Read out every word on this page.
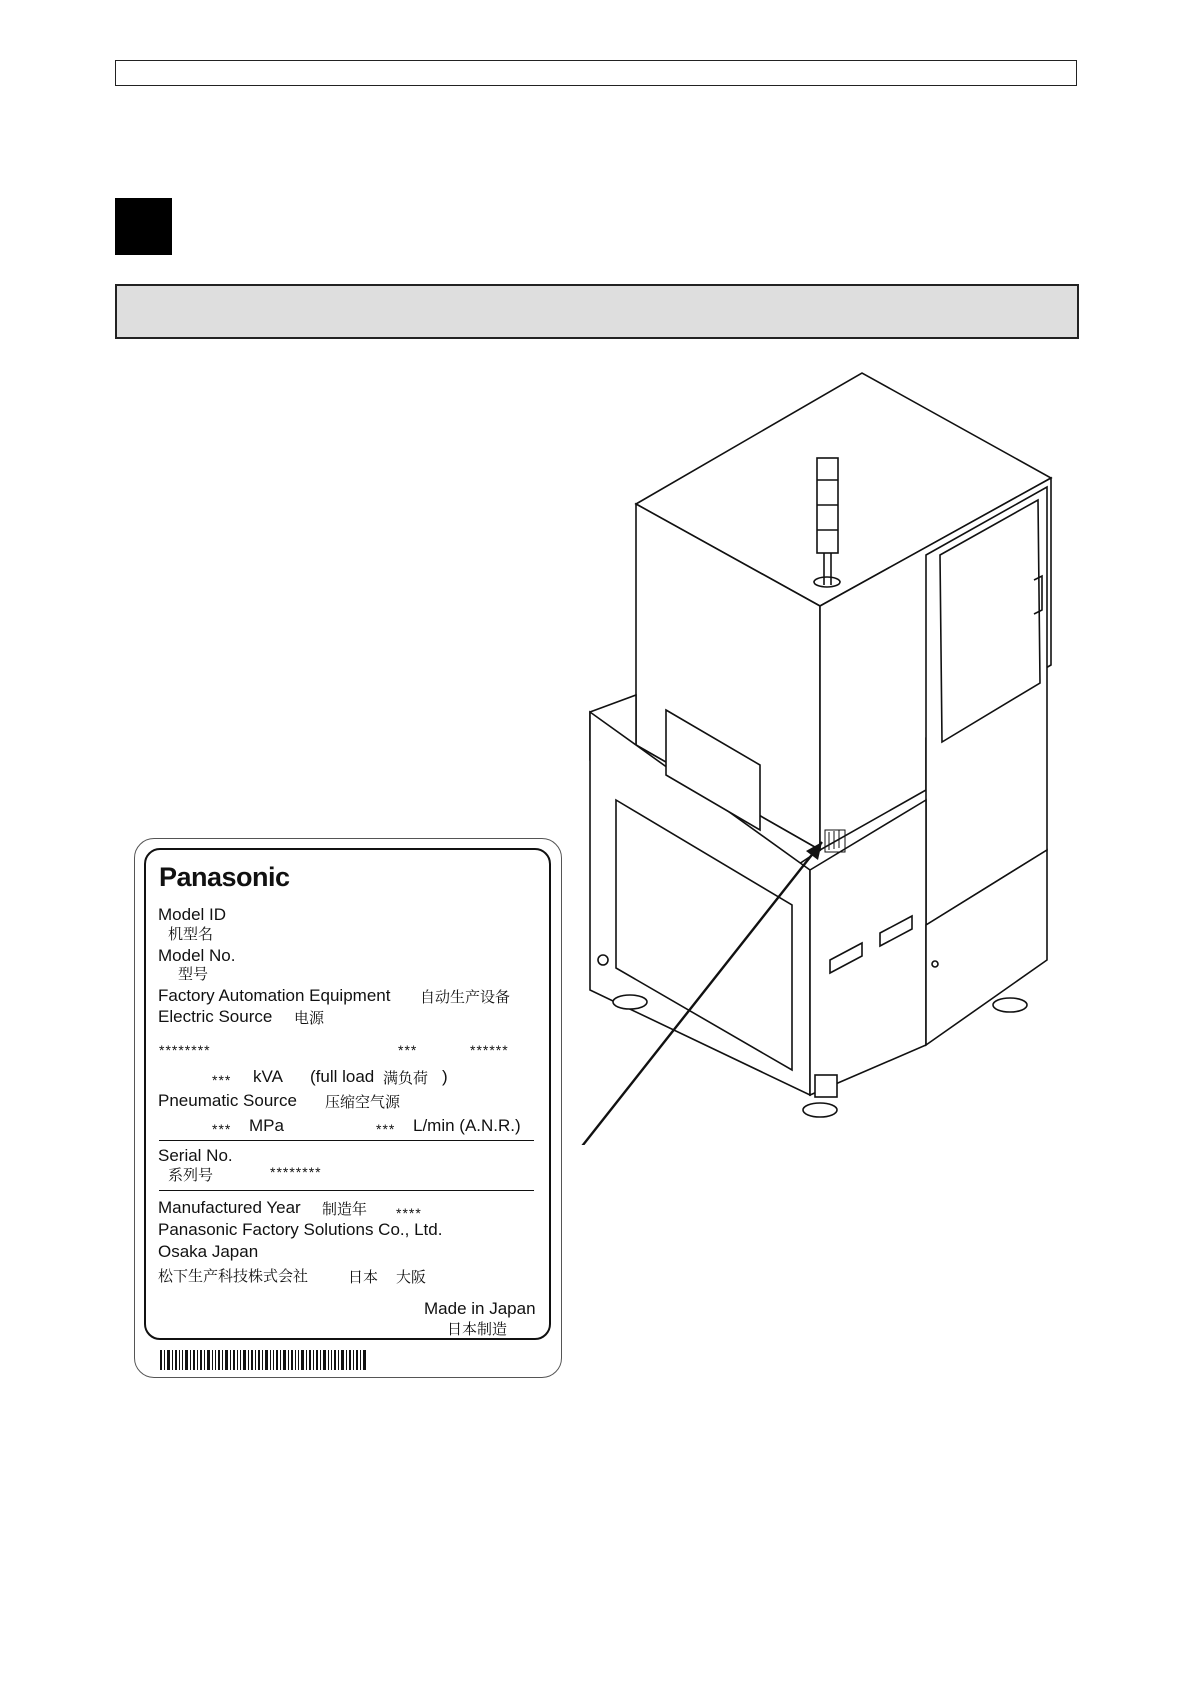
Panasonic
Model ID
机型名
Model No.
型号
Factory Automation Equipment 自动生产设备
Electric Source 电源
********	***	******
*** kVA (full load 满负荷 )
Pneumatic Source 压缩空气源
*** MPa	*** L/min (A.N.R.)
Serial No.
系列号	********
Manufactured Year 制造年 ****
Panasonic Factory Solutions Co., Ltd.
Osaka Japan
松下生产科技株式会社	日本 大阪
Made in Japan
日本制造
